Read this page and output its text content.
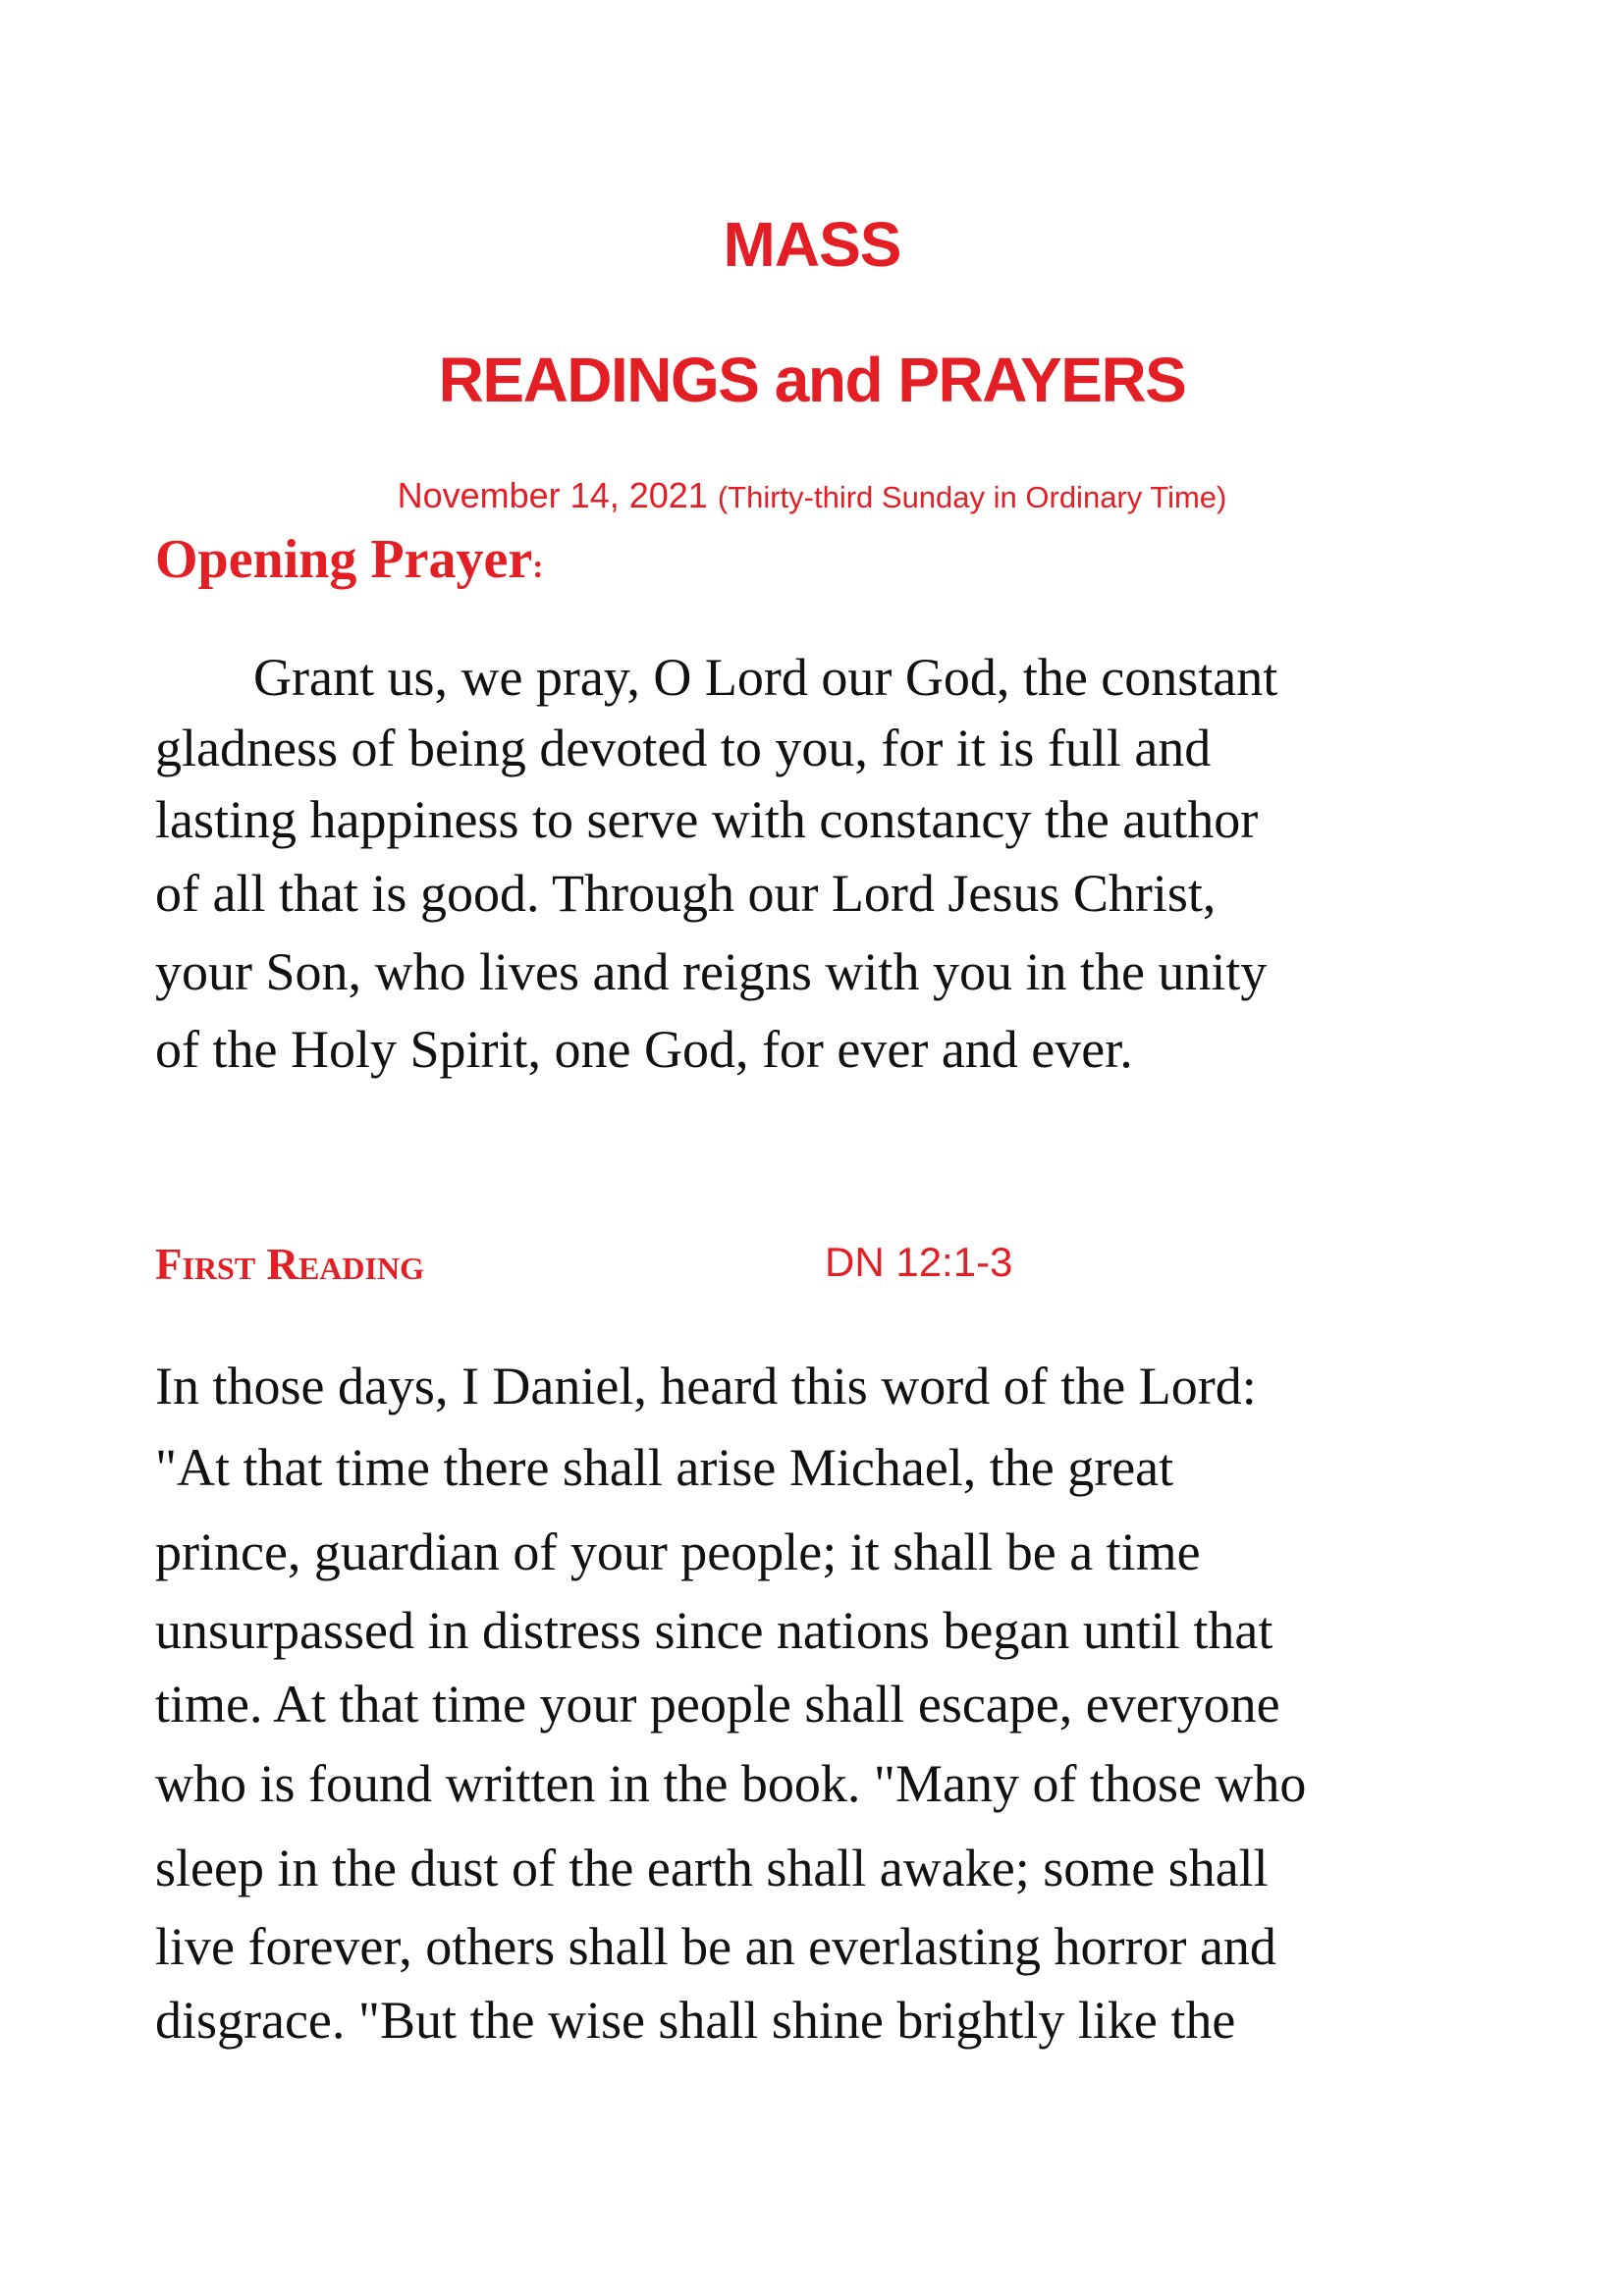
MASS
READINGS and PRAYERS

November 14, 2021 (Thirty-third Sunday in Ordinary Time)

Opening Prayer:
Grant us, we pray, O Lord our God, the constant
gladness of being devoted to you, for it is full and
lasting happiness to serve with constancy the author
of all that is good. Through our Lord Jesus Christ,
your Son, who lives and reigns with you in the unity
of the Holy Spirit, one God, for ever and ever.
First Reading	DN 12:1-3

In those days, I Daniel, heard this word of the Lord:
"At that time there shall arise Michael, the great
prince, guardian of your people; it shall be a time
unsurpassed in distress since nations began until that
time. At that time your people shall escape, everyone
who is found written in the book. "Many of those who
sleep in the dust of the earth shall awake; some shall
live forever, others shall be an everlasting horror and
disgrace. "But the wise shall shine brightly like the
